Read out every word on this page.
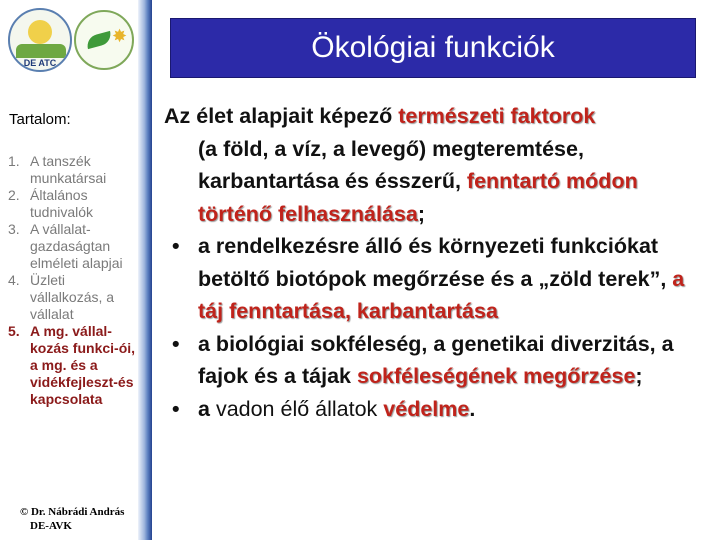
DE ATC
✸
Tartalom:
1. A tanszék munkatársai
2. Általános tudnivalók
3. A vállalat-gazdaságtan elméleti alapjai
4. Üzleti vállalkozás, a vállalat
5. A mg. vállal-kozás funkci-ói, a mg. és a vidékfejleszt-és kapcsolata
© Dr. Nábrádi András
DE-AVK
Ökológiai funkciók

Az élet alapjait képező természeti faktorok
(a föld, a víz, a levegő) megteremtése, karbantartása és ésszerű, fenntartó módon történő felhasználása;

• a rendelkezésre álló és környezeti funkciókat betöltő biotópok megőrzése és a „zöld terek”, a táj fenntartása, karbantartása

• a biológiai sokféleség, a genetikai diverzitás, a fajok és a tájak sokféleségének megőrzése;

• a vadon élő állatok védelme.
